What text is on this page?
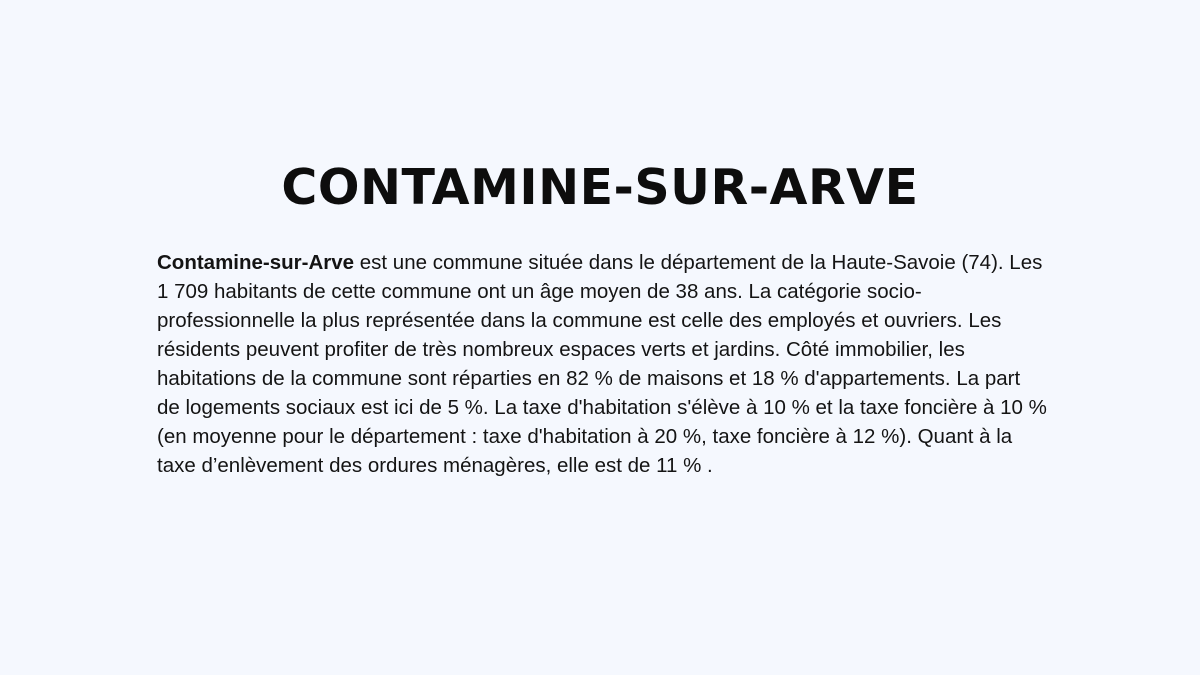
CONTAMINE-SUR-ARVE

Contamine-sur-Arve est une commune située dans le département de la Haute-Savoie (74). Les 1 709 habitants de cette commune ont un âge moyen de 38 ans. La catégorie socio-professionnelle la plus représentée dans la commune est celle des employés et ouvriers. Les résidents peuvent profiter de très nombreux espaces verts et jardins. Côté immobilier, les habitations de la commune sont réparties en 82 % de maisons et 18 % d'appartements. La part de logements sociaux est ici de 5 %. La taxe d'habitation s'élève à 10 % et la taxe foncière à 10 % (en moyenne pour le département : taxe d'habitation à 20 %, taxe foncière à 12 %). Quant à la taxe d’enlèvement des ordures ménagères, elle est de 11 % .
